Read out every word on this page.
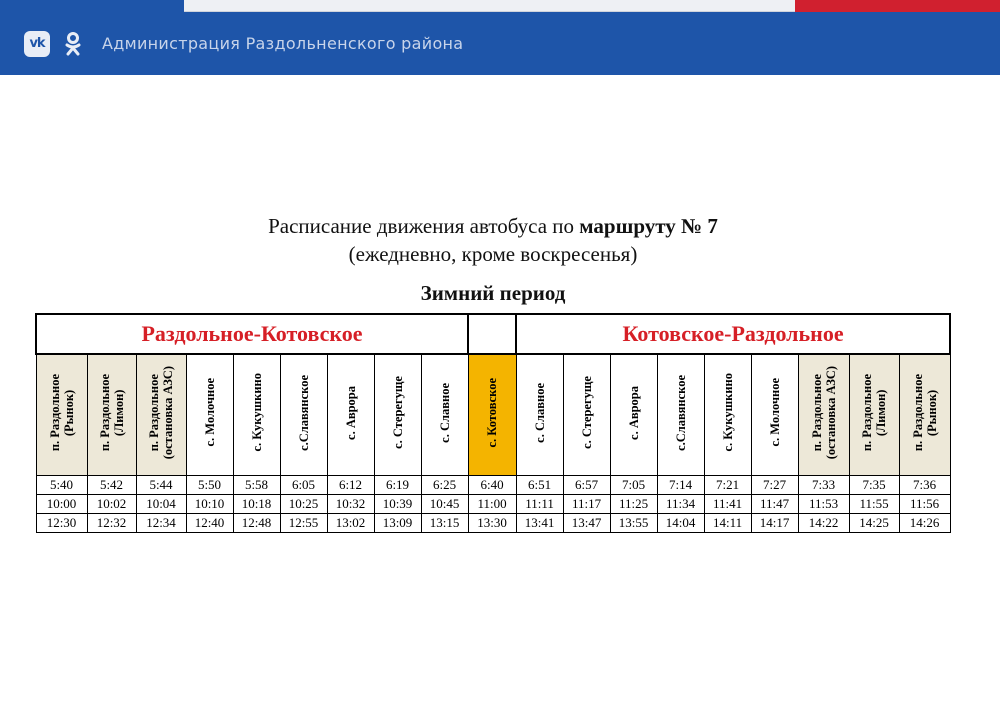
vk	Администрация Раздольненского района
Расписание движения автобуса по маршруту № 7
(ежедневно, кроме воскресенья)
Зимний период
Раздольное-Котовское										Котовское-Раздольное								
п. Раздольное
(Рынок)	п. Раздольное
(Лимон)	п. Раздольное
(остановка АЗС)	с. Молочное	с. Кукушкино	с.Славянское	с. Аврора	с. Стерегуще	с. Славное	с. Котовское	с. Славное	с. Стерегуще	с. Аврора	с.Славянское	с. Кукушкино	с. Молочное	п. Раздольное
(остановка АЗС)	п. Раздольное
(Лимон)	п. Раздольное
(Рынок)
5:40	5:42	5:44	5:50	5:58	6:05	6:12	6:19	6:25	6:40	6:51	6:57	7:05	7:14	7:21	7:27	7:33	7:35	7:36
10:00	10:02	10:04	10:10	10:18	10:25	10:32	10:39	10:45	11:00	11:11	11:17	11:25	11:34	11:41	11:47	11:53	11:55	11:56
12:30	12:32	12:34	12:40	12:48	12:55	13:02	13:09	13:15	13:30	13:41	13:47	13:55	14:04	14:11	14:17	14:22	14:25	14:26
